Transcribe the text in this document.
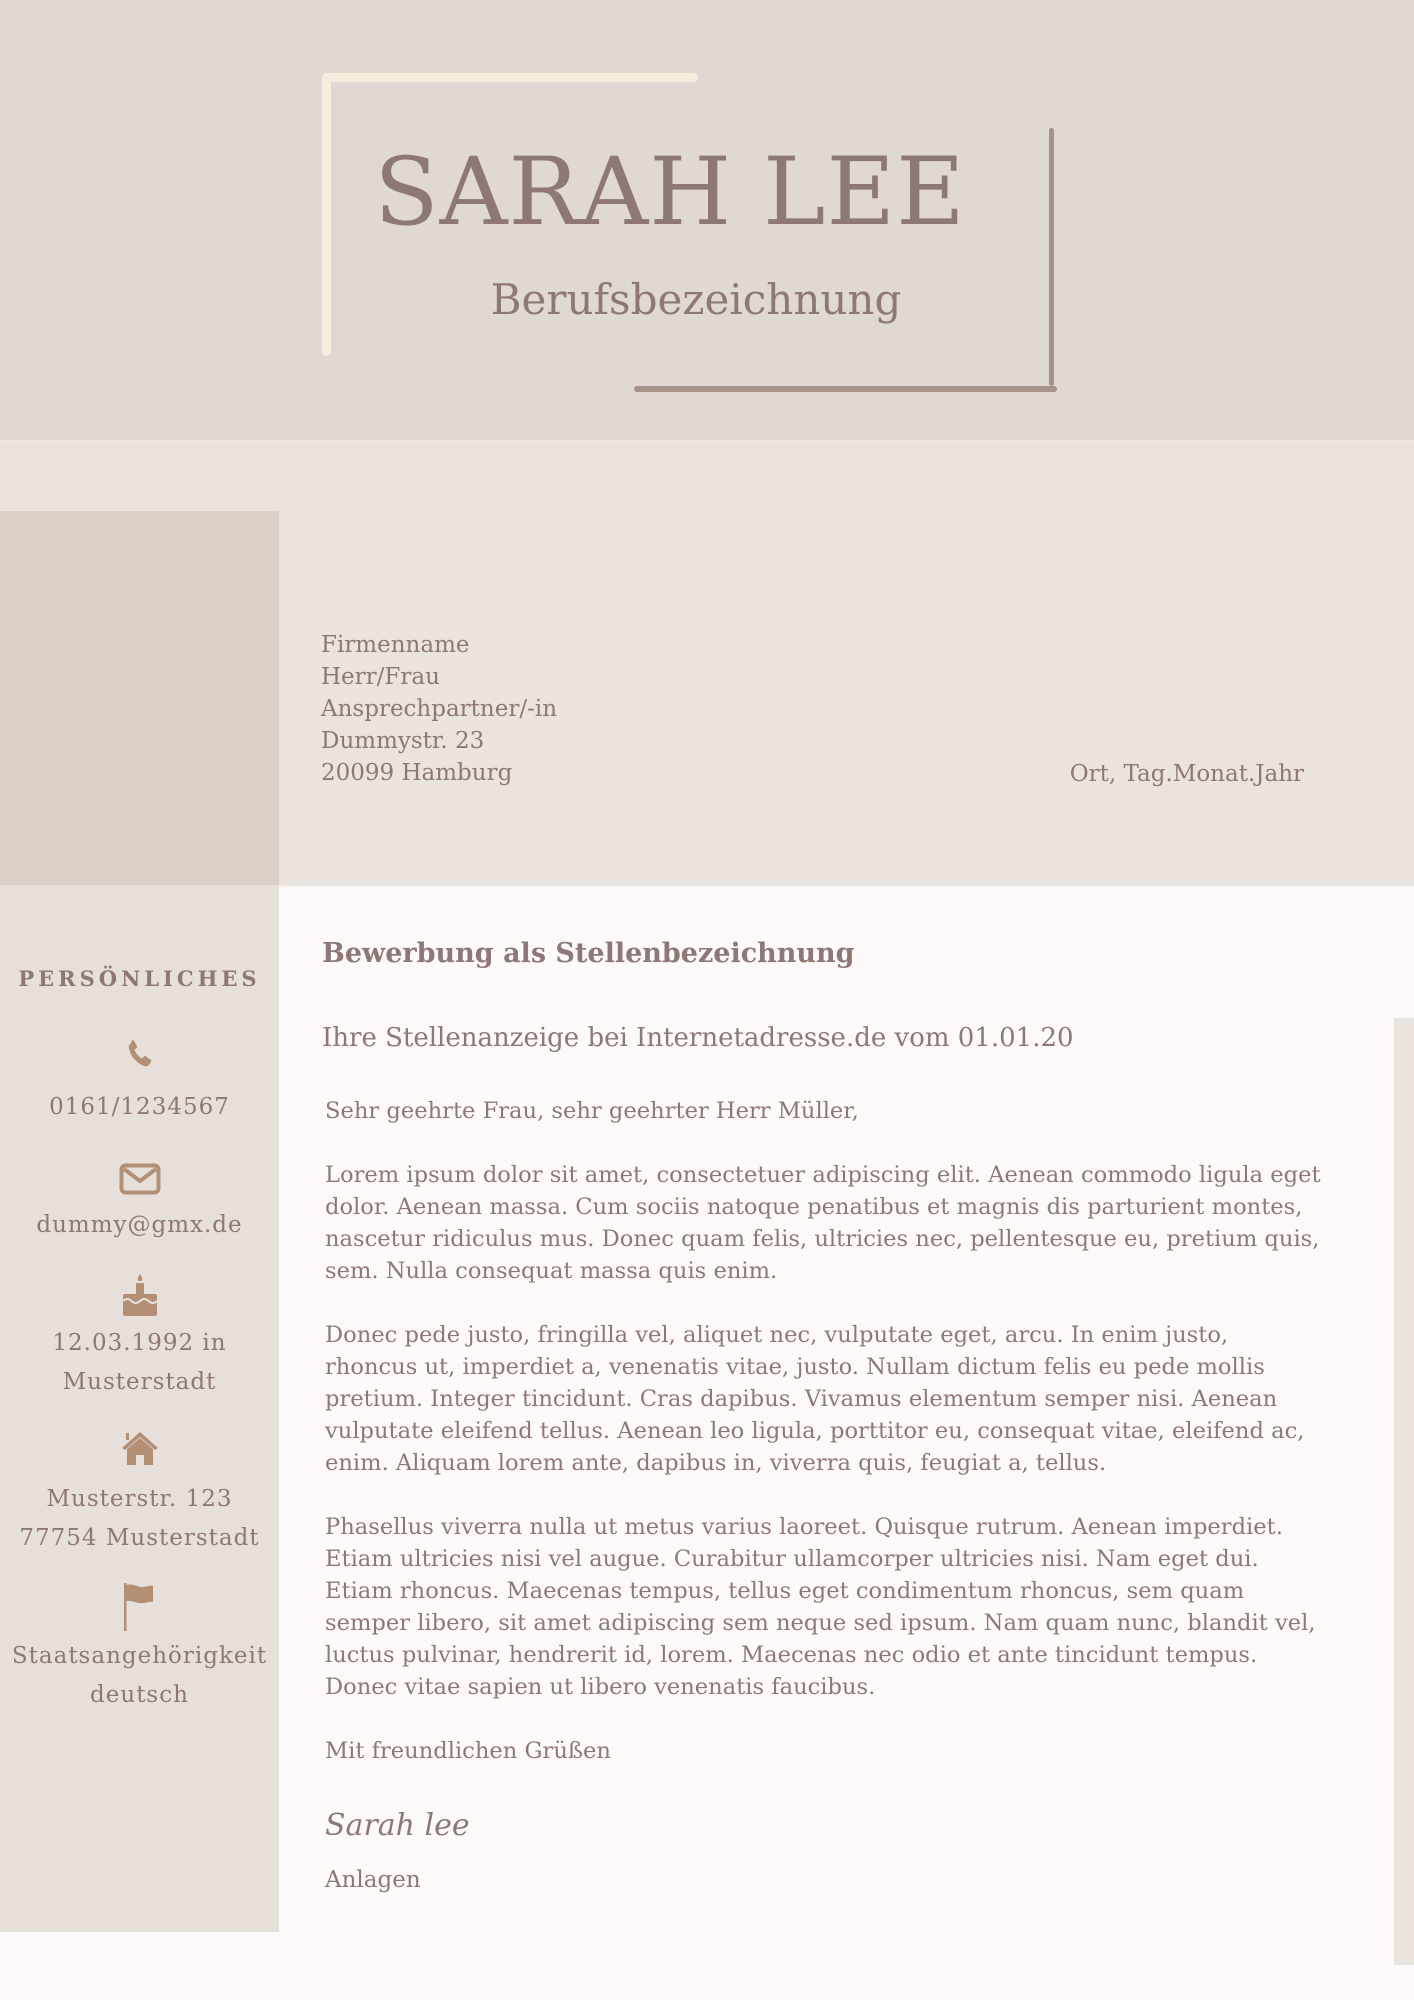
SARAH LEE
Berufsbezeichnung
Firmenname
Herr/Frau
Ansprechpartner/-in
Dummystr. 23
20099 Hamburg	Ort, Tag.Monat.Jahr
PERSÖNLICHES
0161/1234567
dummy@gmx.de
12.03.1992 in
Musterstadt
Musterstr. 123
77754 Musterstadt
Staatsangehörigkeit
deutsch
Bewerbung als Stellenbezeichnung
Ihre Stellenanzeige bei Internetadresse.de vom 01.01.20

Sehr geehrte Frau, sehr geehrter Herr Müller,

Lorem ipsum dolor sit amet, consectetuer adipiscing elit. Aenean commodo ligula eget dolor. Aenean massa. Cum sociis natoque penatibus et magnis dis parturient montes, nascetur ridiculus mus. Donec quam felis, ultricies nec, pellentesque eu, pretium quis, sem. Nulla consequat massa quis enim.

Donec pede justo, fringilla vel, aliquet nec, vulputate eget, arcu. In enim justo, rhoncus ut, imperdiet a, venenatis vitae, justo. Nullam dictum felis eu pede mollis pretium. Integer tincidunt. Cras dapibus. Vivamus elementum semper nisi. Aenean vulputate eleifend tellus. Aenean leo ligula, porttitor eu, consequat vitae, eleifend ac, enim. Aliquam lorem ante, dapibus in, viverra quis, feugiat a, tellus.

Phasellus viverra nulla ut metus varius laoreet. Quisque rutrum. Aenean imperdiet. Etiam ultricies nisi vel augue. Curabitur ullamcorper ultricies nisi. Nam eget dui. Etiam rhoncus. Maecenas tempus, tellus eget condimentum rhoncus, sem quam semper libero, sit amet adipiscing sem neque sed ipsum. Nam quam nunc, blandit vel, luctus pulvinar, hendrerit id, lorem. Maecenas nec odio et ante tincidunt tempus. Donec vitae sapien ut libero venenatis faucibus.

Mit freundlichen Grüßen

Sarah lee
Anlagen
